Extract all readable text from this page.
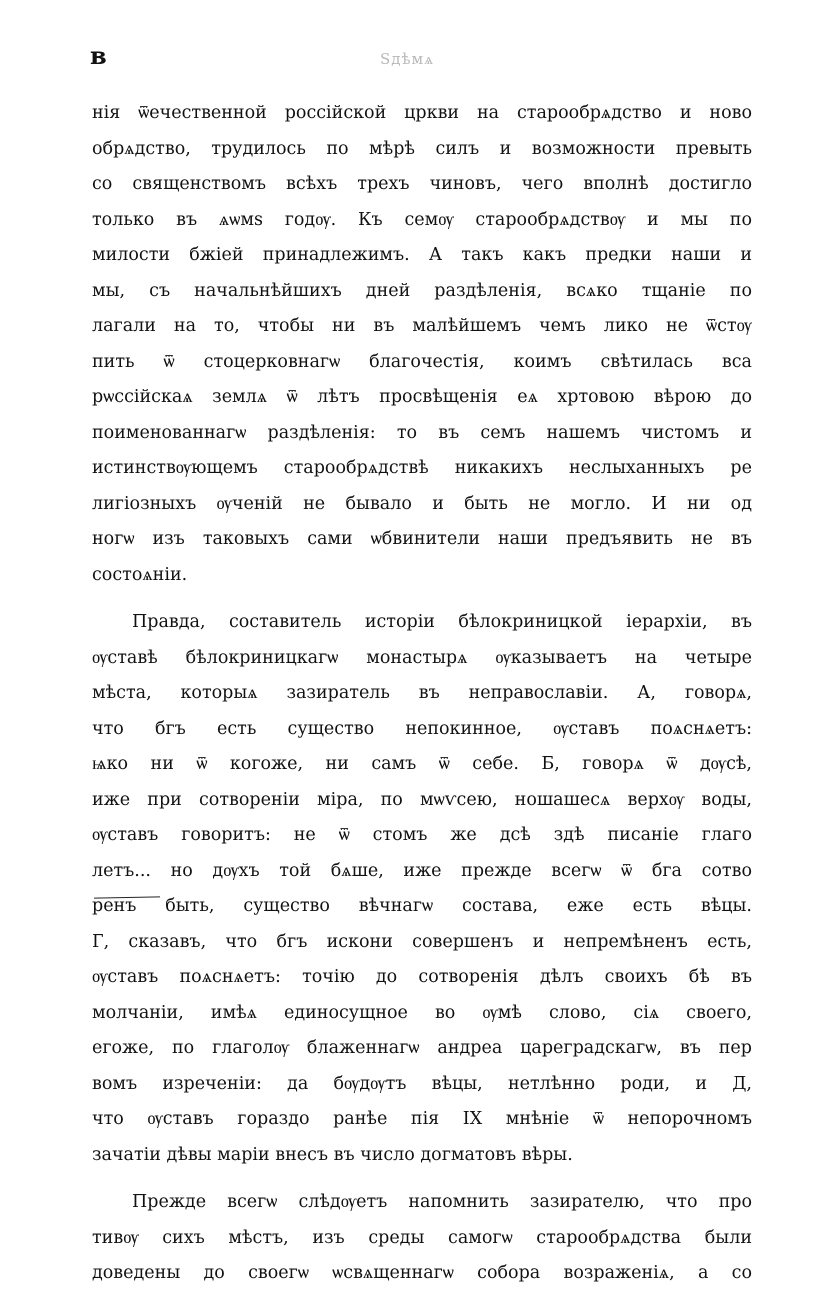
в	Ѕдѣмѧ
нія ѿечественной россійской цркви на старообрѧдство и ново
обрѧдство, трудилось по мѣрѣ силъ и возможности превыть
со священствомъ всѣхъ трехъ чиновъ, чего вполнѣ достигло
только въ ѧѡмѕ годѹ. Къ семѹ старообрѧдствѹ и мы по
милости бжіей принадлежимъ. А такъ какъ предки наши и
мы, съ начальнѣйшихъ дней раздѣленія, всѧко тщаніе по
лагали на то, чтобы ни въ малѣйшемъ чемъ лико не ѿстѹ
пить ѿ стоцерковнагѡ благочестія, коимъ свѣтилась вса
рѡссійскаѧ землѧ ѿ лѣтъ просвѣщенія еѧ хртовою вѣрою до
поименованнагѡ раздѣленія: то въ семъ нашемъ чистомъ и
истинствѹющемъ старообрѧдствѣ никакихъ неслыханныхъ ре
лигіозныхъ ѹченій не бывало и быть не могло. И ни од
ногѡ изъ таковыхъ сами ѡбвинители наши предъявить не въ
состоѧніи.
Правда, составитель исторіи бѣлокриницкой іерархіи, въ
ѹставѣ бѣлокриницкагѡ монастырѧ ѹказываетъ на четыре
мѣста, которыѧ зазиратель въ неправославіи. А, говорѧ,
что бгъ есть существо непокинное, ѹставъ поѧснѧетъ:
ѩко ни ѿ когоже, ни самъ ѿ себе. Б, говорѧ ѿ дѹсѣ,
иже при сотвореніи міра, по мѡѵсею, ношашесѧ верхѹ воды,
ѹставъ говоритъ: не ѿ стомъ же дсѣ здѣ писаніе глаго
летъ... но дѹхъ той бѧше, иже прежде всегѡ ѿ бга сотво
ренъ быть, существо вѣчнагѡ состава, еже есть вѣцы.
Г, сказавъ, что бгъ искони совершенъ и непремѣненъ есть,
ѹставъ поѧснѧетъ: точію до сотворенія дѣлъ своихъ бѣ въ
молчаніи, имѣѧ единосущное во ѹмѣ слово, сіѧ своего,
егоже, по глаголѹ блаженнагѡ андреа цареградскагѡ, въ пер
вомъ изреченіи: да бѹдѹтъ вѣцы, нетлѣнно роди, и Д,
что ѹставъ гораздо ранѣе пія IX мнѣніе ѿ непорочномъ
зачатіи дѣвы маріи внесъ въ число догматовъ вѣры.
Прежде всегѡ слѣдѹетъ напомнить зазирателю, что про
тивѹ сихъ мѣстъ, изъ среды самогѡ старообрѧдства были
доведены до своегѡ ѡсвѧщеннагѡ собора возраженіѧ, а со
